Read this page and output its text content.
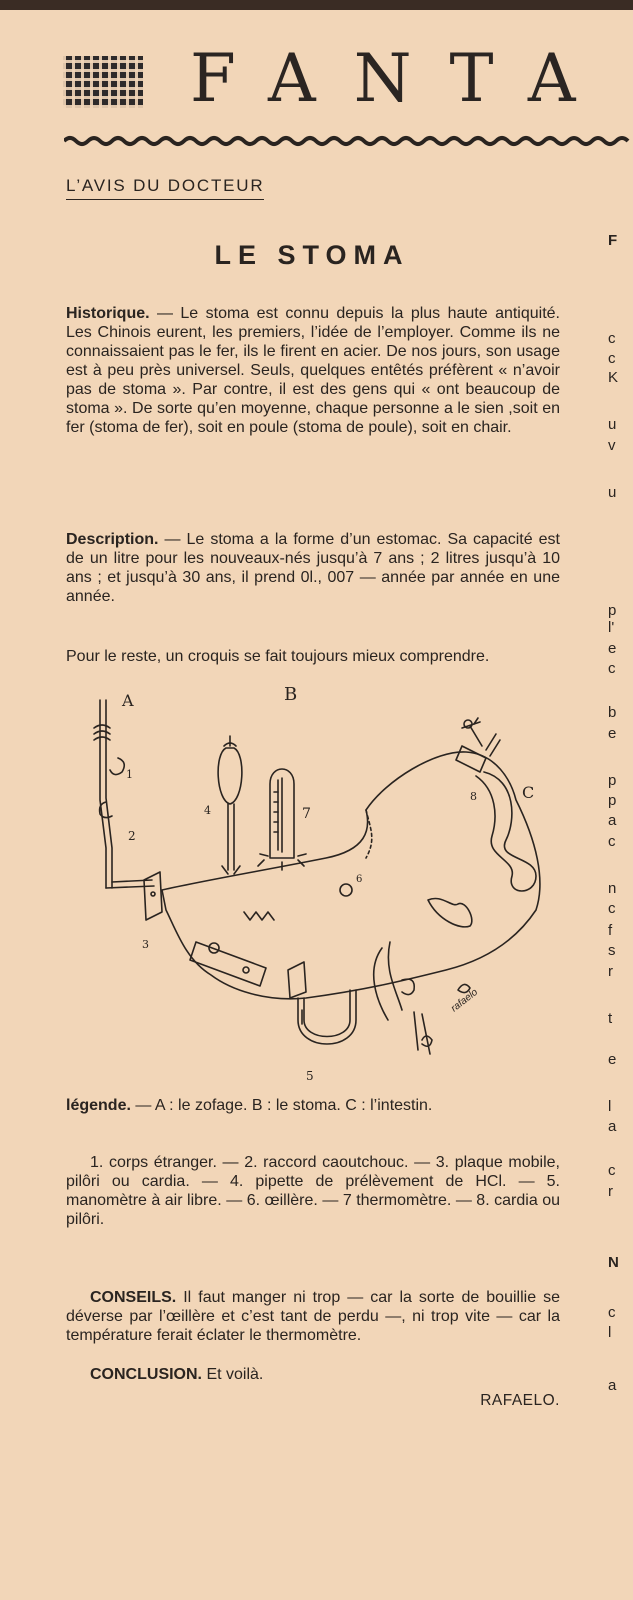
FANTA
L’AVIS DU DOCTEUR
LE STOMA

Historique. — Le stoma est connu depuis la plus haute antiquité. Les Chinois eurent, les premiers, l’idée de l’employer. Comme ils ne connaissaient pas le fer, ils le firent en acier. De nos jours, son usage est à peu près universel. Seuls, quelques entêtés préfèrent « n’avoir pas de stoma ». Par contre, il est des gens qui « ont beaucoup de stoma ». De sorte qu’en moyenne, chaque personne a le sien ,soit en fer (stoma de fer), soit en poule (stoma de poule), soit en chair.

Description. — Le stoma a la forme d’un estomac. Sa capacité est de un litre pour les nouveaux-nés jusqu’à 7 ans ; 2 litres jusqu’à 10 ans ; et jusqu’à 30 ans, il prend 0l., 007 — année par année en une année.

Pour le reste, un croquis se fait toujours mieux comprendre.

A	B
C
1
2
3
4
5
6
7
8
rafaelo

légende. — A : le zofage. B : le stoma. C : l’intestin.

1. corps étranger. — 2. raccord caoutchouc. — 3. plaque mobile, pilôri ou cardia. — 4. pipette de prélèvement de HCl. — 5. manomètre à air libre. — 6. œillère. — 7 thermomètre. — 8. cardia ou pilôri.

CONSEILS. Il faut manger ni trop — car la sorte de bouillie se déverse par l’œillère et c’est tant de perdu —, ni trop vite — car la température ferait éclater le thermomètre.

CONCLUSION. Et voilà.

RAFAELO.
F
c
c
K
u
v
u
p
l'
e
c
b
e
p
p
a
c
n
c
f
s
r
t
e
l
a
c
r
N
c
l
a
